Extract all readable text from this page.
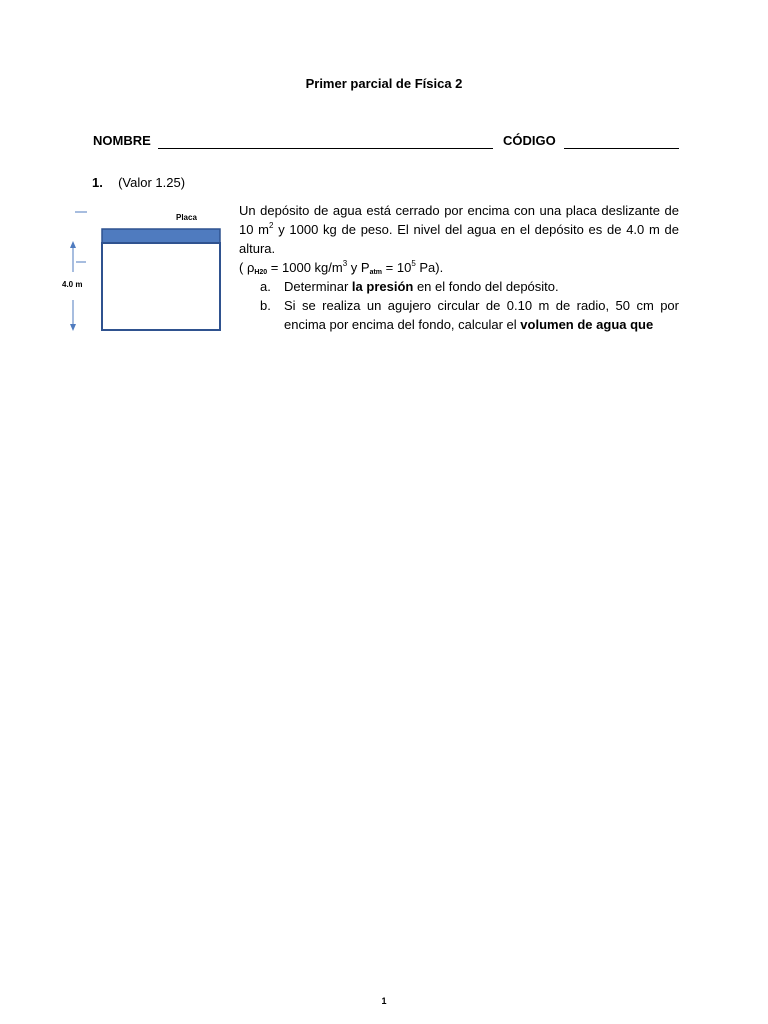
Primer parcial de Física 2
NOMBRE	CÓDIGO
1. (Valor 1.25)
Placa
4.0 m

Un depósito de agua está cerrado por encima con una placa deslizante de 10 $m^2$ y 1000 kg de peso. El nivel del agua en el depósito es de 4.0 m de altura.

( $\rho_{H20} = 1000$ $kg/m^3$ y $P_{atm} = 10^5$ Pa).

a. Determinar la presión en el fondo del depósito.
b. Si se realiza un agujero circular de 0.10 m de radio, 50 cm por encima por encima del fondo, calcular el volumen de agua que
1
